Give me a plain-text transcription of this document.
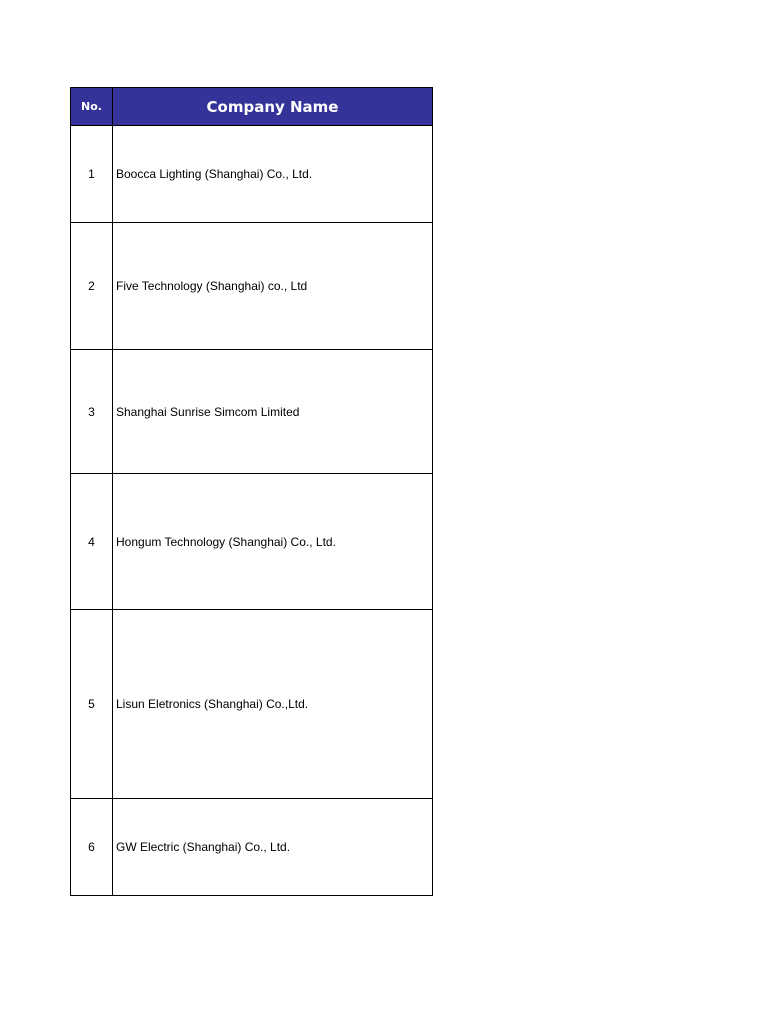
No.	Company Name
1	Boocca Lighting (Shanghai) Co., Ltd.
2	Five Technology (Shanghai) co., Ltd
3	Shanghai Sunrise Simcom Limited
4	Hongum Technology (Shanghai) Co., Ltd.
5	Lisun Eletronics (Shanghai) Co.,Ltd.
6	GW Electric (Shanghai) Co., Ltd.
